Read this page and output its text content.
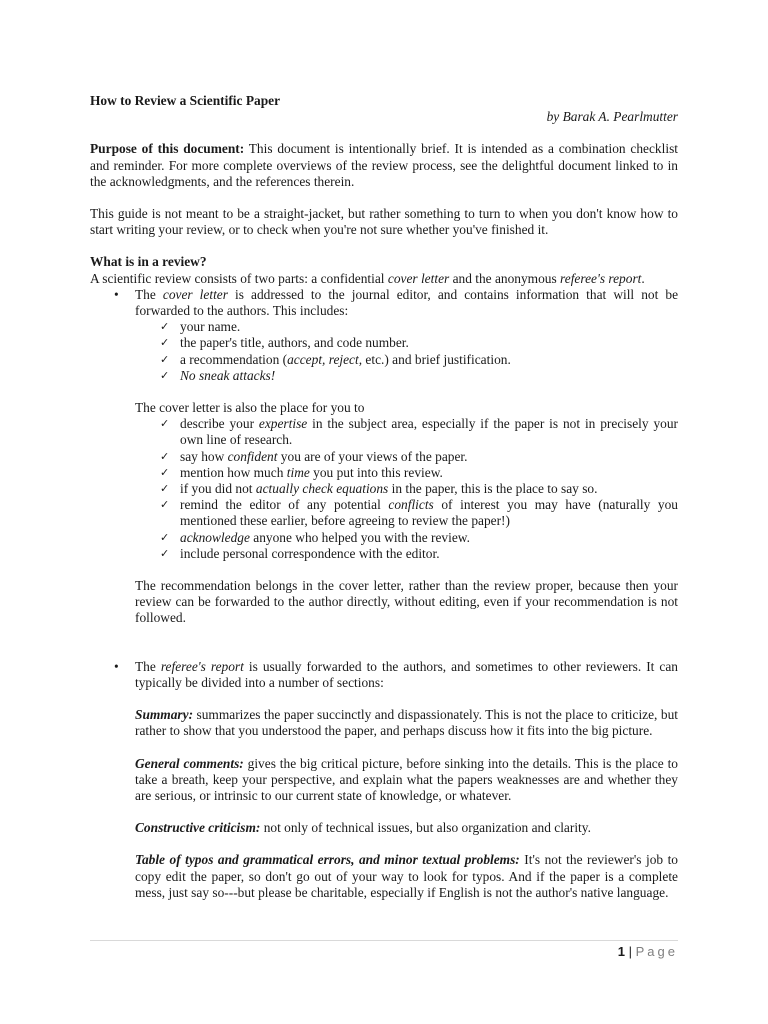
How to Review a Scientific Paper

by Barak A. Pearlmutter

Purpose of this document: This document is intentionally brief. It is intended as a combination checklist and reminder. For more complete overviews of the review process, see the delightful document linked to in the acknowledgments, and the references therein.

This guide is not meant to be a straight-jacket, but rather something to turn to when you don't know how to start writing your review, or to check when you're not sure whether you've finished it.

What is in a review?

A scientific review consists of two parts: a confidential cover letter and the anonymous referee's report.

• The cover letter is addressed to the journal editor, and contains information that will not be forwarded to the authors. This includes:

✓ your name.
✓ the paper's title, authors, and code number.
✓ a recommendation (accept, reject, etc.) and brief justification.
✓ No sneak attacks!

The cover letter is also the place for you to

✓ describe your expertise in the subject area, especially if the paper is not in precisely your own line of research.
✓ say how confident you are of your views of the paper.
✓ mention how much time you put into this review.
✓ if you did not actually check equations in the paper, this is the place to say so.
✓ remind the editor of any potential conflicts of interest you may have (naturally you mentioned these earlier, before agreeing to review the paper!)
✓ acknowledge anyone who helped you with the review.
✓ include personal correspondence with the editor.

The recommendation belongs in the cover letter, rather than the review proper, because then your review can be forwarded to the author directly, without editing, even if your recommendation is not followed.

• The referee's report is usually forwarded to the authors, and sometimes to other reviewers. It can typically be divided into a number of sections:

Summary: summarizes the paper succinctly and dispassionately. This is not the place to criticize, but rather to show that you understood the paper, and perhaps discuss how it fits into the big picture.

General comments: gives the big critical picture, before sinking into the details. This is the place to take a breath, keep your perspective, and explain what the papers weaknesses are and whether they are serious, or intrinsic to our current state of knowledge, or whatever.

Constructive criticism: not only of technical issues, but also organization and clarity.

Table of typos and grammatical errors, and minor textual problems: It's not the reviewer's job to copy edit the paper, so don't go out of your way to look for typos. And if the paper is a complete mess, just say so---but please be charitable, especially if English is not the author's native language.

1 | Page
